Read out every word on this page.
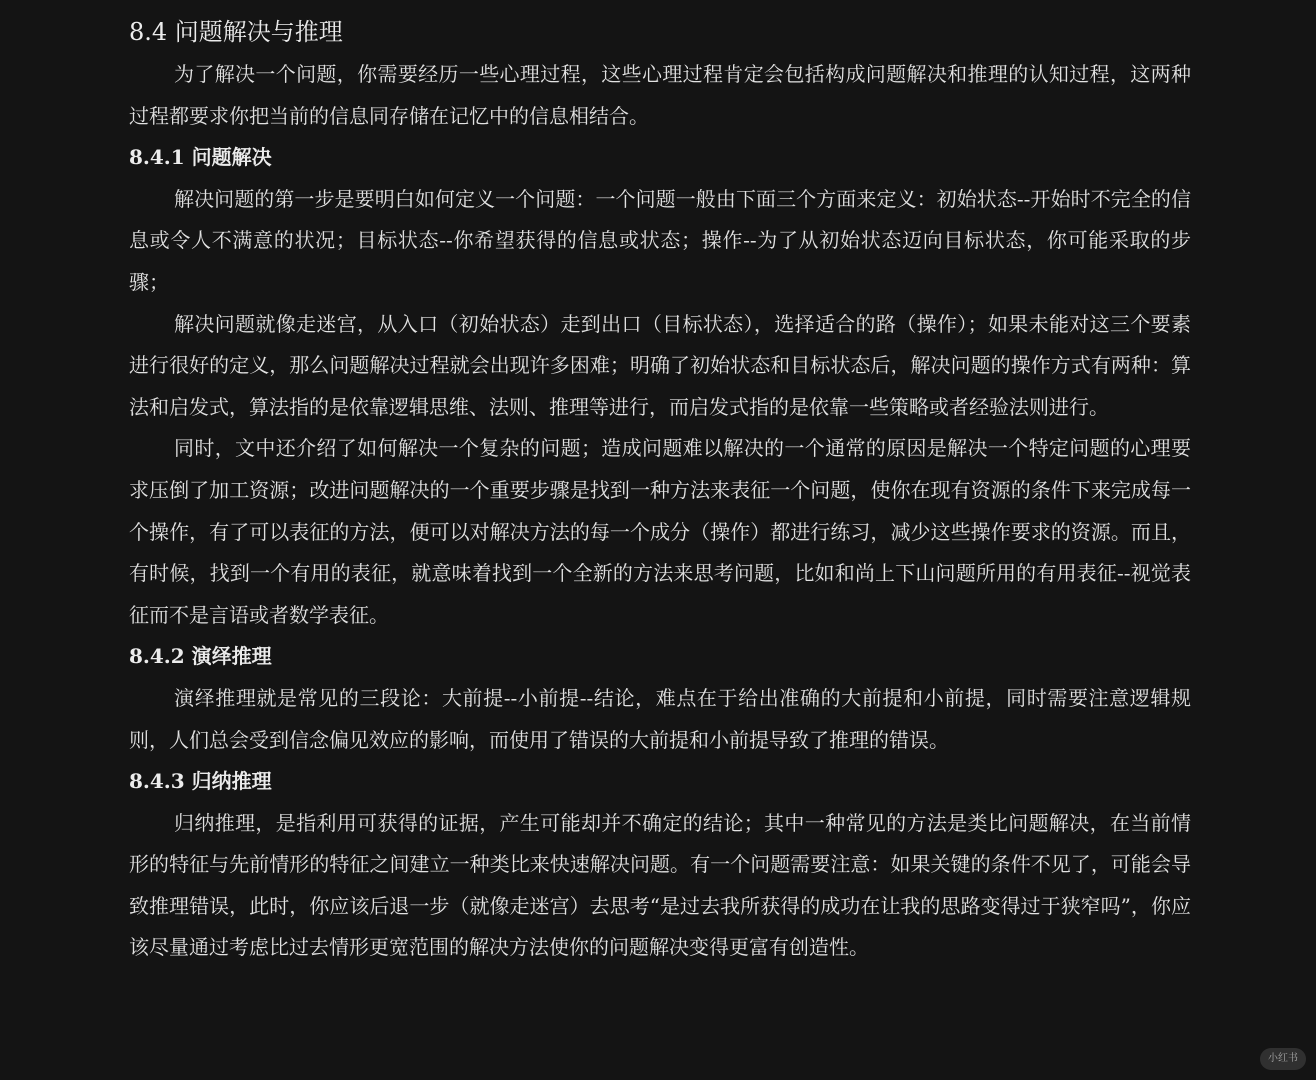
8.4 问题解决与推理

为了解决一个问题，你需要经历一些心理过程，这些心理过程肯定会包括构成问题解决和推理的认知过程，这两种过程都要求你把当前的信息同存储在记忆中的信息相结合。

8.4.1 问题解决

解决问题的第一步是要明白如何定义一个问题：一个问题一般由下面三个方面来定义：初始状态--开始时不完全的信息或令人不满意的状况；目标状态--你希望获得的信息或状态；操作--为了从初始状态迈向目标状态，你可能采取的步骤；

解决问题就像走迷宫，从入口（初始状态）走到出口（目标状态），选择适合的路（操作）；如果未能对这三个要素进行很好的定义，那么问题解决过程就会出现许多困难；明确了初始状态和目标状态后，解决问题的操作方式有两种：算法和启发式，算法指的是依靠逻辑思维、法则、推理等进行，而启发式指的是依靠一些策略或者经验法则进行。

同时，文中还介绍了如何解决一个复杂的问题；造成问题难以解决的一个通常的原因是解决一个特定问题的心理要求压倒了加工资源；改进问题解决的一个重要步骤是找到一种方法来表征一个问题，使你在现有资源的条件下来完成每一个操作，有了可以表征的方法，便可以对解决方法的每一个成分（操作）都进行练习，减少这些操作要求的资源。而且，有时候，找到一个有用的表征，就意味着找到一个全新的方法来思考问题，比如和尚上下山问题所用的有用表征--视觉表征而不是言语或者数学表征。

8.4.2 演绎推理

演绎推理就是常见的三段论：大前提--小前提--结论，难点在于给出准确的大前提和小前提，同时需要注意逻辑规则，人们总会受到信念偏见效应的影响，而使用了错误的大前提和小前提导致了推理的错误。

8.4.3 归纳推理

归纳推理，是指利用可获得的证据，产生可能却并不确定的结论；其中一种常见的方法是类比问题解决，在当前情形的特征与先前情形的特征之间建立一种类比来快速解决问题。有一个问题需要注意：如果关键的条件不见了，可能会导致推理错误，此时，你应该后退一步（就像走迷宫）去思考“是过去我所获得的成功在让我的思路变得过于狭窄吗”，你应该尽量通过考虑比过去情形更宽范围的解决方法使你的问题解决变得更富有创造性。

小红书
